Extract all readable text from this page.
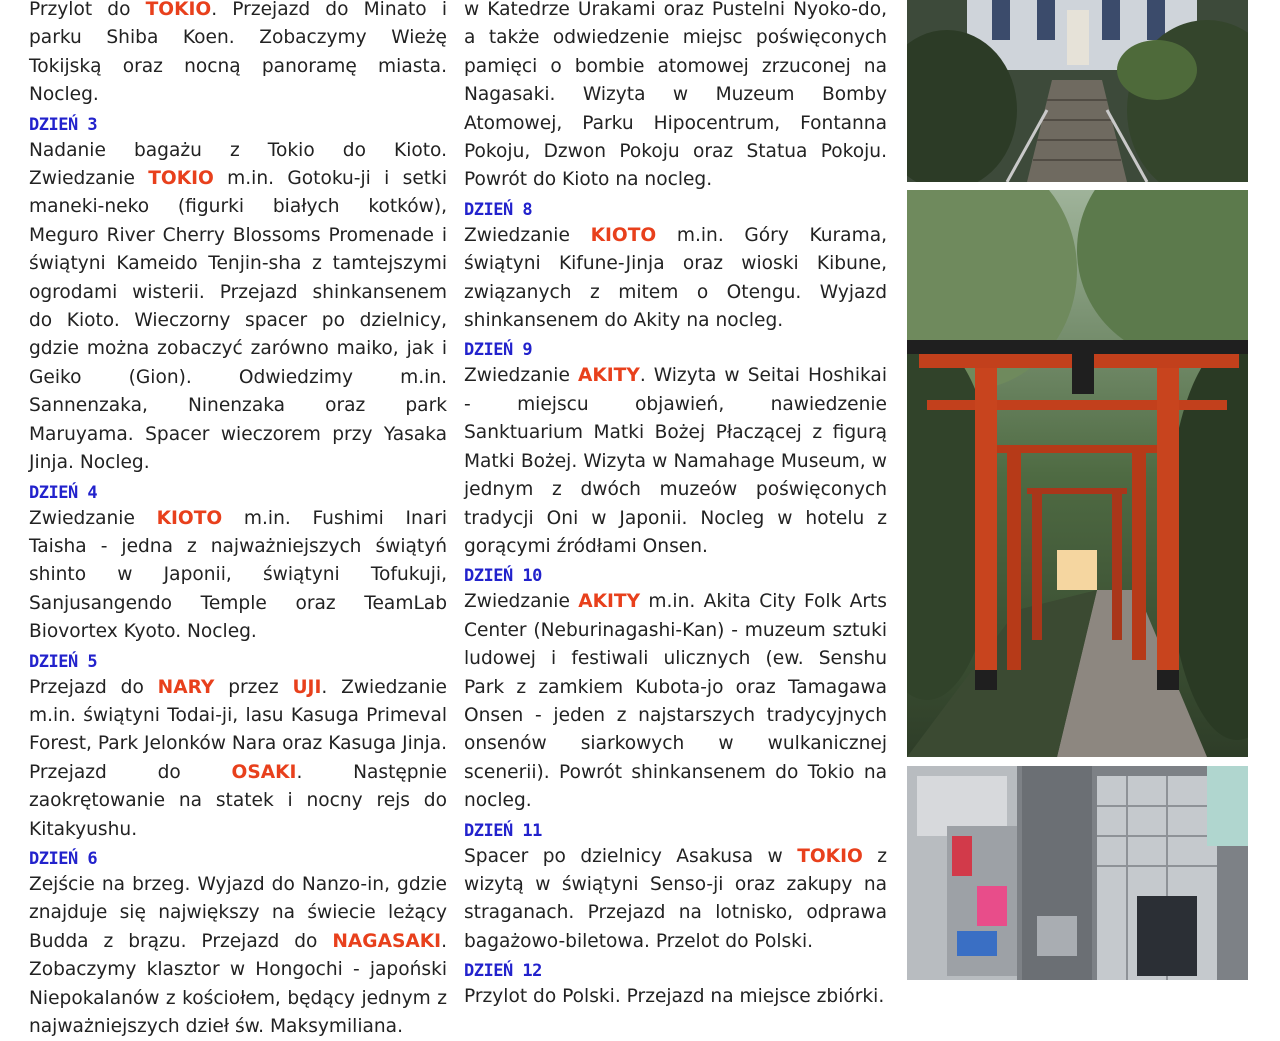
Przylot do TOKIO. Przejazd do Minato i parku Shiba Koen. Zobaczymy Wieżę Tokijską oraz nocną panoramę miasta. Nocleg.

DZIEŃ 3

Nadanie bagażu z Tokio do Kioto. Zwiedzanie TOKIO m.in. Gotoku-ji i setki maneki-neko (figurki białych kotków), Meguro River Cherry Blossoms Promenade i świątyni Kameido Tenjin-sha z tamtejszymi ogrodami wisterii. Przejazd shinkansenem do Kioto. Wieczorny spacer po dzielnicy, gdzie można zobaczyć zarówno maiko, jak i Geiko (Gion). Odwiedzimy m.in. Sannenzaka, Ninenzaka oraz park Maruyama. Spacer wieczorem przy Yasaka Jinja. Nocleg.

DZIEŃ 4

Zwiedzanie KIOTO m.in. Fushimi Inari Taisha - jedna z najważniejszych świątyń shinto w Japonii, świątyni Tofukuji, Sanjusangendo Temple oraz TeamLab Biovortex Kyoto. Nocleg.

DZIEŃ 5

Przejazd do NARY przez UJI. Zwiedzanie m.in. świątyni Todai-ji, lasu Kasuga Primeval Forest, Park Jelonków Nara oraz Kasuga Jinja. Przejazd do OSAKI. Następnie zaokrętowanie na statek i nocny rejs do Kitakyushu.

DZIEŃ 6

Zejście na brzeg. Wyjazd do Nanzo-in, gdzie znajduje się największy na świecie leżący Budda z brązu. Przejazd do NAGASAKI. Zobaczymy klasztor w Hongochi - japoński Niepokalanów z kościołem, będący jednym z najważniejszych dzieł św. Maksymiliana.

w Katedrze Urakami oraz Pustelni Nyoko-do, a także odwiedzenie miejsc poświęconych pamięci o bombie atomowej zrzuconej na Nagasaki. Wizyta w Muzeum Bomby Atomowej, Parku Hipocentrum, Fontanna Pokoju, Dzwon Pokoju oraz Statua Pokoju. Powrót do Kioto na nocleg.

DZIEŃ 8

Zwiedzanie KIOTO m.in. Góry Kurama, świątyni Kifune-Jinja oraz wioski Kibune, związanych z mitem o Otengu. Wyjazd shinkansenem do Akity na nocleg.

DZIEŃ 9

Zwiedzanie AKITY. Wizyta w Seitai Hoshikai - miejscu objawień, nawiedzenie Sanktuarium Matki Bożej Płaczącej z figurą Matki Bożej. Wizyta w Namahage Museum, w jednym z dwóch muzeów poświęconych tradycji Oni w Japonii. Nocleg w hotelu z gorącymi źródłami Onsen.

DZIEŃ 10

Zwiedzanie AKITY m.in. Akita City Folk Arts Center (Neburinagashi-Kan) - muzeum sztuki ludowej i festiwali ulicznych (ew. Senshu Park z zamkiem Kubota-jo oraz Tamagawa Onsen - jeden z najstarszych tradycyjnych onsenów siarkowych w wulkanicznej scenerii). Powrót shinkansenem do Tokio na nocleg.

DZIEŃ 11

Spacer po dzielnicy Asakusa w TOKIO z wizytą w świątyni Senso-ji oraz zakupy na straganach. Przejazd na lotnisko, odprawa bagażowo-biletowa. Przelot do Polski.

DZIEŃ 12

Przylot do Polski. Przejazd na miejsce zbiórki.
